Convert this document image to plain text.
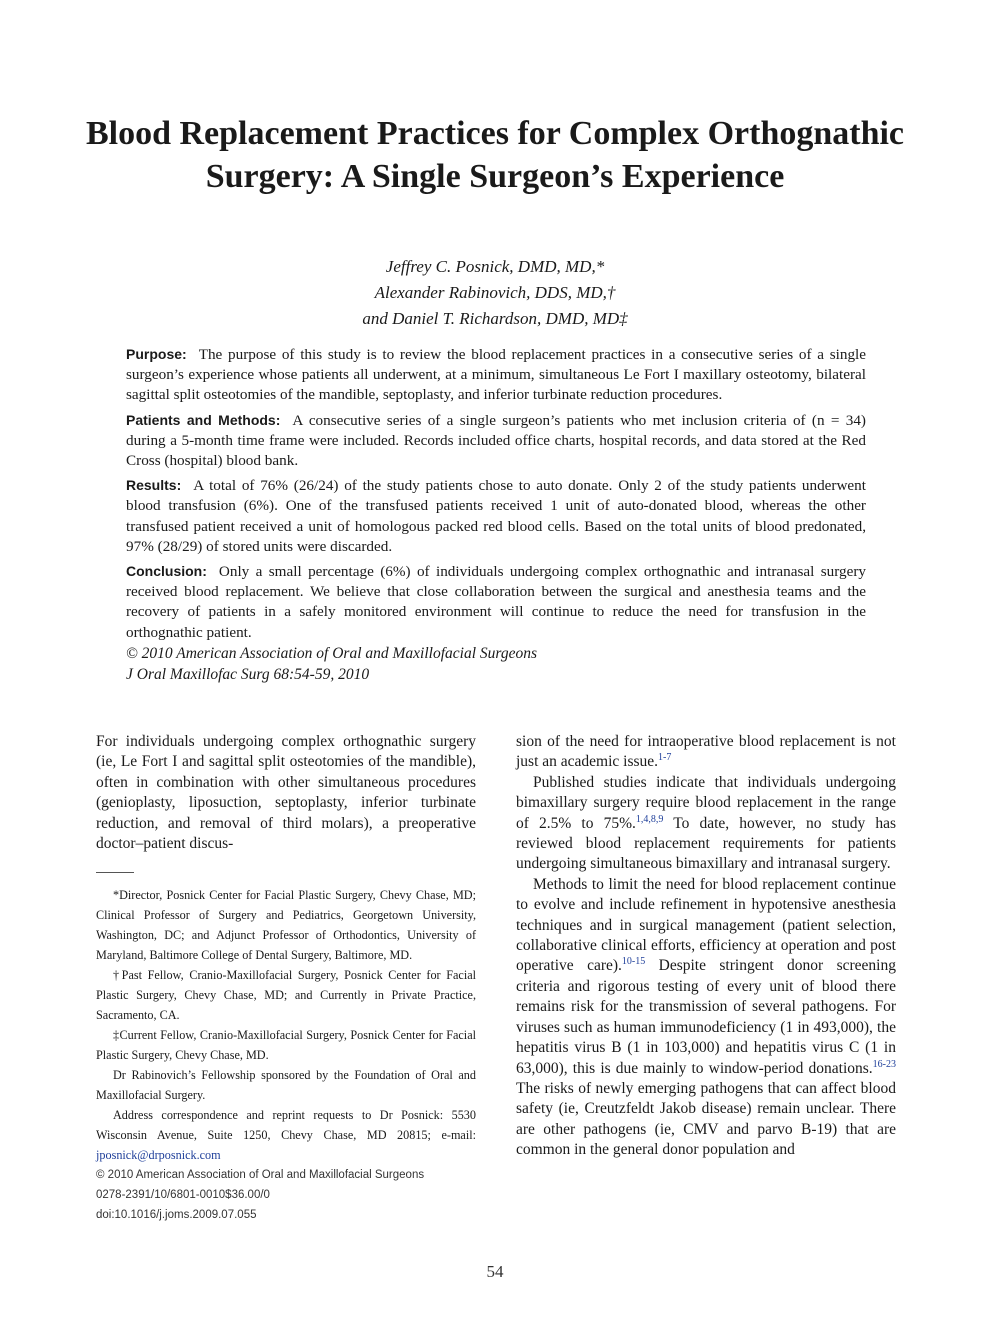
Blood Replacement Practices for Complex Orthognathic Surgery: A Single Surgeon’s Experience
Jeffrey C. Posnick, DMD, MD,*
Alexander Rabinovich, DDS, MD,†
and Daniel T. Richardson, DMD, MD‡

Purpose: The purpose of this study is to review the blood replacement practices in a consecutive series of a single surgeon’s experience whose patients all underwent, at a minimum, simultaneous Le Fort I maxillary osteotomy, bilateral sagittal split osteotomies of the mandible, septoplasty, and inferior turbinate reduction procedures.

Patients and Methods: A consecutive series of a single surgeon’s patients who met inclusion criteria of (n = 34) during a 5-month time frame were included. Records included office charts, hospital records, and data stored at the Red Cross (hospital) blood bank.

Results: A total of 76% (26/24) of the study patients chose to auto donate. Only 2 of the study patients underwent blood transfusion (6%). One of the transfused patients received 1 unit of auto-donated blood, whereas the other transfused patient received a unit of homologous packed red blood cells. Based on the total units of blood predonated, 97% (28/29) of stored units were discarded.

Conclusion: Only a small percentage (6%) of individuals undergoing complex orthognathic and intranasal surgery received blood replacement. We believe that close collaboration between the surgical and anesthesia teams and the recovery of patients in a safely monitored environment will continue to reduce the need for transfusion in the orthognathic patient.

© 2010 American Association of Oral and Maxillofacial Surgeons
J Oral Maxillofac Surg 68:54-59, 2010

For individuals undergoing complex orthognathic surgery (ie, Le Fort I and sagittal split osteotomies of the mandible), often in combination with other simultaneous procedures (genioplasty, liposuction, septoplasty, inferior turbinate reduction, and removal of third molars), a preoperative doctor–patient discus-

*Director, Posnick Center for Facial Plastic Surgery, Chevy Chase, MD; Clinical Professor of Surgery and Pediatrics, Georgetown University, Washington, DC; and Adjunct Professor of Orthodontics, University of Maryland, Baltimore College of Dental Surgery, Baltimore, MD.

†Past Fellow, Cranio-Maxillofacial Surgery, Posnick Center for Facial Plastic Surgery, Chevy Chase, MD; and Currently in Private Practice, Sacramento, CA.

‡Current Fellow, Cranio-Maxillofacial Surgery, Posnick Center for Facial Plastic Surgery, Chevy Chase, MD.

Dr Rabinovich’s Fellowship sponsored by the Foundation of Oral and Maxillofacial Surgery.

Address correspondence and reprint requests to Dr Posnick: 5530 Wisconsin Avenue, Suite 1250, Chevy Chase, MD 20815; e-mail: jposnick@drposnick.com

© 2010 American Association of Oral and Maxillofacial Surgeons

0278-2391/10/6801-0010$36.00/0

doi:10.1016/j.joms.2009.07.055

sion of the need for intraoperative blood replacement is not just an academic issue.$^{1-7}$

Published studies indicate that individuals undergoing bimaxillary surgery require blood replacement in the range of 2.5% to 75%.$^{1,4,8,9}$ To date, however, no study has reviewed blood replacement requirements for patients undergoing simultaneous bimaxillary and intranasal surgery.

Methods to limit the need for blood replacement continue to evolve and include refinement in hypotensive anesthesia techniques and in surgical management (patient selection, collaborative clinical efforts, efficiency at operation and post operative care).$^{10-15}$ Despite stringent donor screening criteria and rigorous testing of every unit of blood there remains risk for the transmission of several pathogens. For viruses such as human immunodeficiency (1 in 493,000), the hepatitis virus B (1 in 103,000) and hepatitis virus C (1 in 63,000), this is due mainly to window-period donations.$^{16-23}$ The risks of newly emerging pathogens that can affect blood safety (ie, Creutzfeldt Jakob disease) remain unclear. There are other pathogens (ie, CMV and parvo B-19) that are common in the general donor population and

54
